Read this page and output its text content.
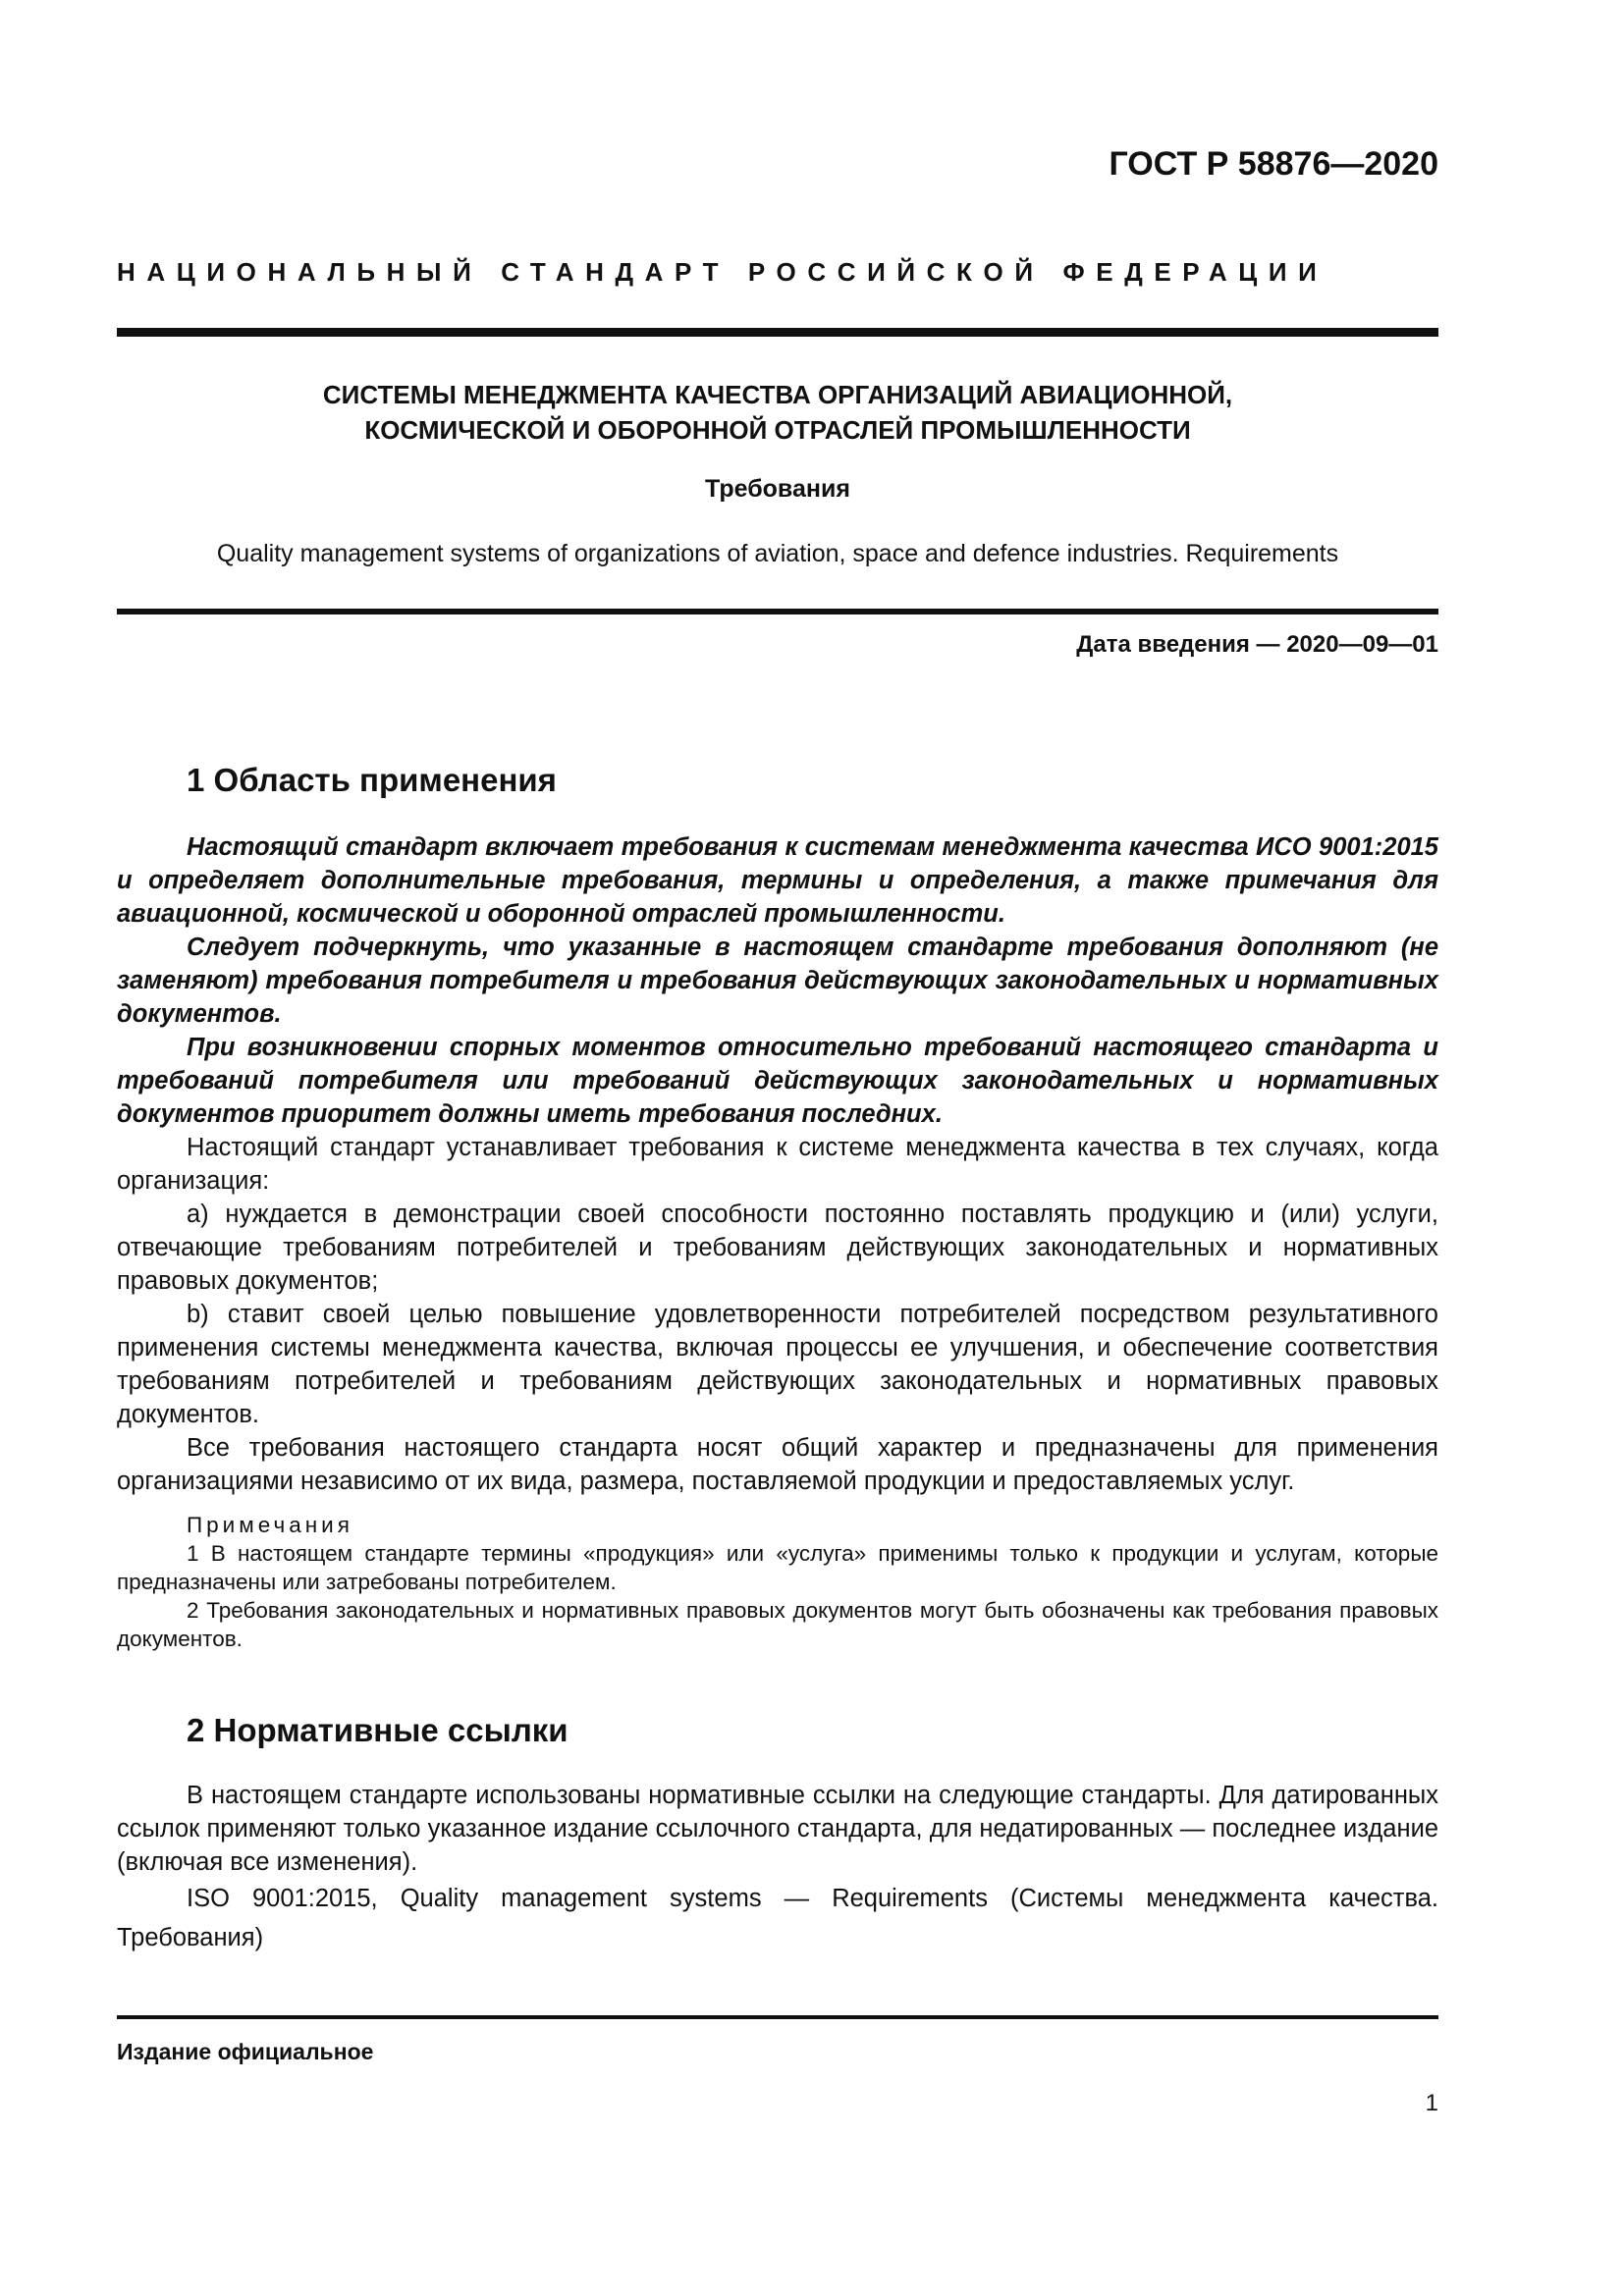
ГОСТ Р 58876—2020
НАЦИОНАЛЬНЫЙ СТАНДАРТ РОССИЙСКОЙ ФЕДЕРАЦИИ
СИСТЕМЫ МЕНЕДЖМЕНТА КАЧЕСТВА ОРГАНИЗАЦИЙ АВИАЦИОННОЙ,
КОСМИЧЕСКОЙ И ОБОРОННОЙ ОТРАСЛЕЙ ПРОМЫШЛЕННОСТИ
Требования
Quality management systems of organizations of aviation, space and defence industries. Requirements
Дата введения — 2020—09—01
1 Область применения

Настоящий стандарт включает требования к системам менеджмента качества ИСО 9001:2015 и определяет дополнительные требования, термины и определения, а также примечания для авиационной, космической и оборонной отраслей промышленности.

Следует подчеркнуть, что указанные в настоящем стандарте требования дополняют (не заменяют) требования потребителя и требования действующих законодательных и нормативных документов.

При возникновении спорных моментов относительно требований настоящего стандарта и требований потребителя или требований действующих законодательных и нормативных документов приоритет должны иметь требования последних.

Настоящий стандарт устанавливает требования к системе менеджмента качества в тех случаях, когда организация:

а) нуждается в демонстрации своей способности постоянно поставлять продукцию и (или) услуги, отвечающие требованиям потребителей и требованиям действующих законодательных и нормативных правовых документов;

b) ставит своей целью повышение удовлетворенности потребителей посредством результативного применения системы менеджмента качества, включая процессы ее улучшения, и обеспечение соответствия требованиям потребителей и требованиям действующих законодательных и нормативных правовых документов.

Все требования настоящего стандарта носят общий характер и предназначены для применения организациями независимо от их вида, размера, поставляемой продукции и предоставляемых услуг.

Примечания

1 В настоящем стандарте термины «продукция» или «услуга» применимы только к продукции и услугам, которые предназначены или затребованы потребителем.

2 Требования законодательных и нормативных правовых документов могут быть обозначены как требования правовых документов.

2 Нормативные ссылки

В настоящем стандарте использованы нормативные ссылки на следующие стандарты. Для датированных ссылок применяют только указанное издание ссылочного стандарта, для недатированных — последнее издание (включая все изменения).

ISO 9001:2015, Quality management systems — Requirements (Системы менеджмента качества. Требования)

Издание официальное
1
